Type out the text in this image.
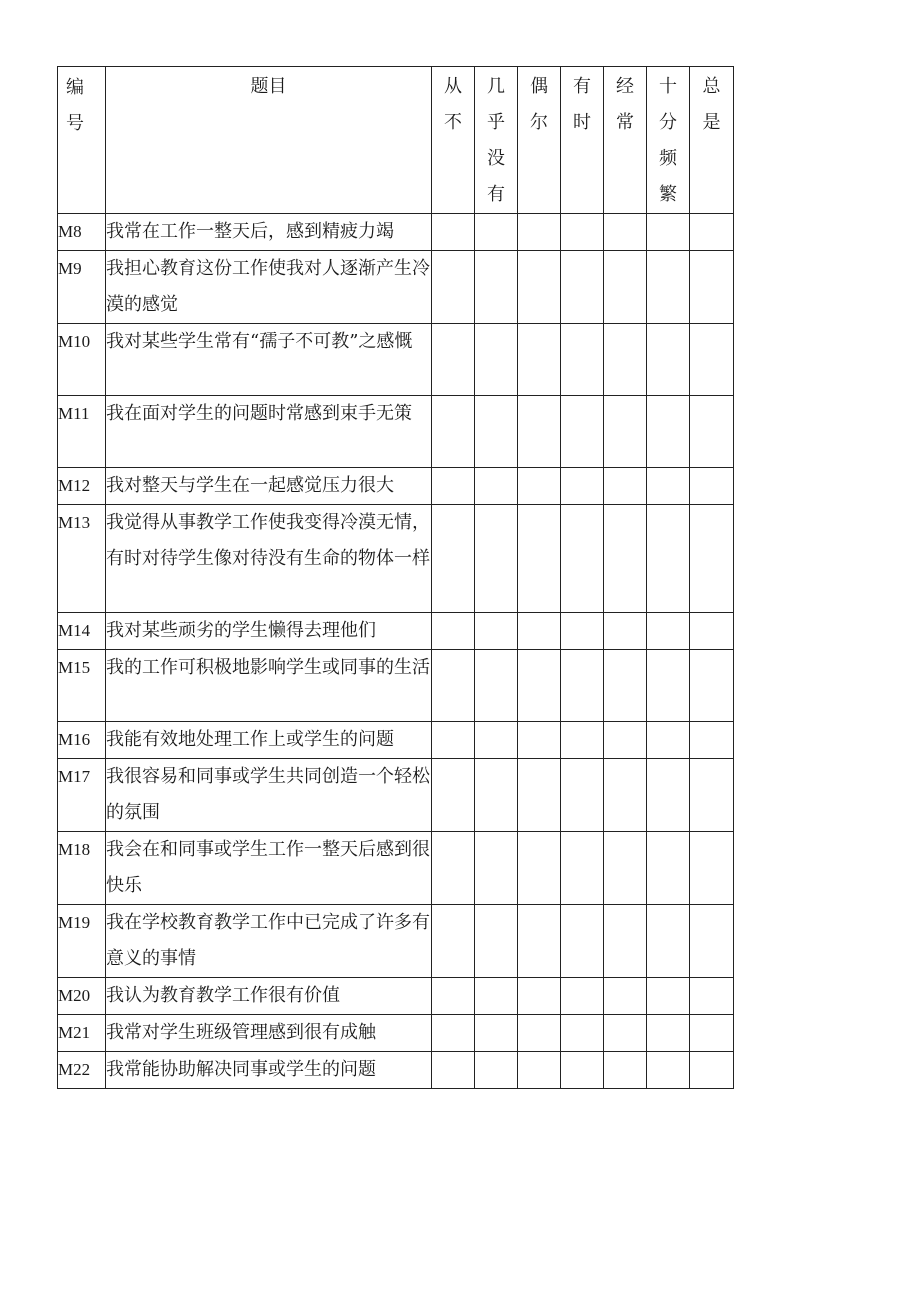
编号	题目	从不	几乎没有	偶尔	有时	经常	十分频繁	总是

M8	我常在工作一整天后，感到精疲力竭							
M9	我担心教育这份工作使我对人逐渐产生冷漠的感觉							
M10	我对某些学生常有“孺子不可教”之感慨							
M11	我在面对学生的问题时常感到束手无策							
M12	我对整天与学生在一起感觉压力很大							
M13	我觉得从事教学工作使我变得冷漠无情，有时对待学生像对待没有生命的物体一样							
M14	我对某些顽劣的学生懒得去理他们							
M15	我的工作可积极地影响学生或同事的生活							
M16	我能有效地处理工作上或学生的问题							
M17	我很容易和同事或学生共同创造一个轻松的氛围							
M18	我会在和同事或学生工作一整天后感到很快乐							
M19	我在学校教育教学工作中已完成了许多有意义的事情							
M20	我认为教育教学工作很有价值							
M21	我常对学生班级管理感到很有成触							
M22	我常能协助解决同事或学生的问题							
